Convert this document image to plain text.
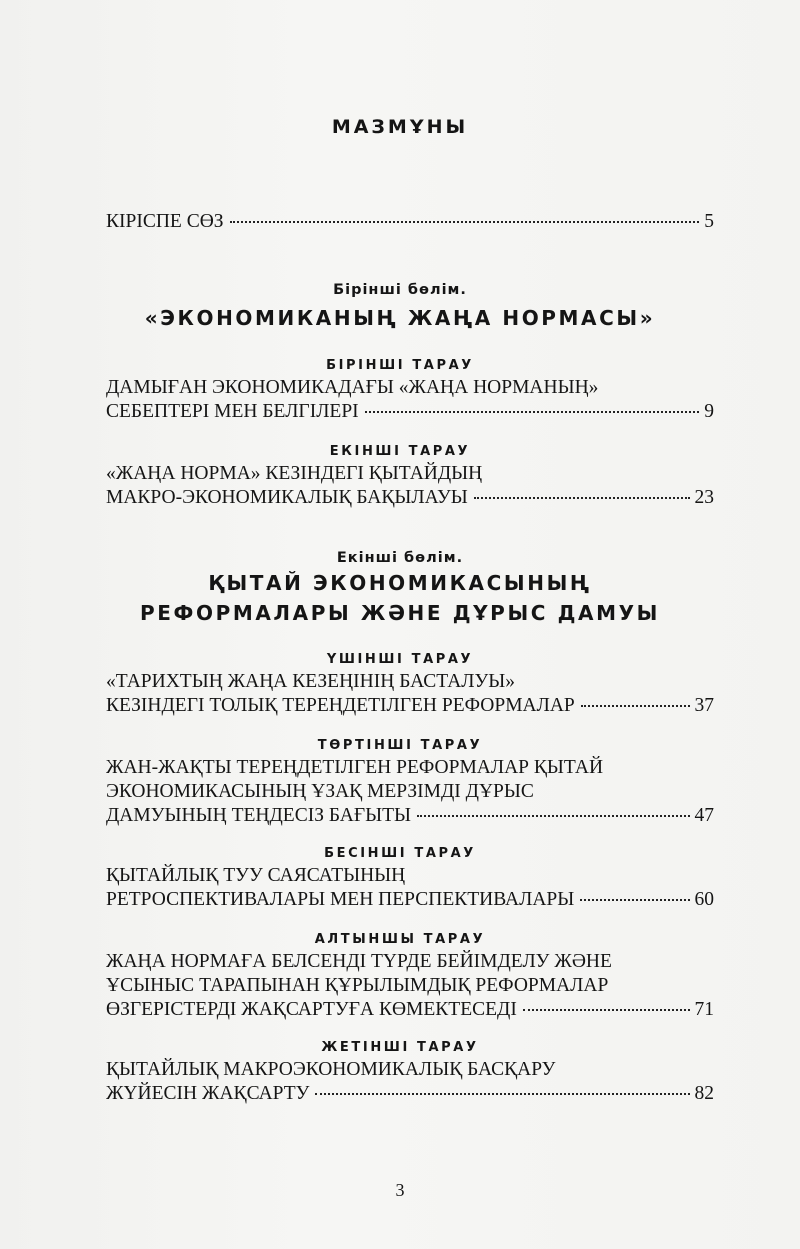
МАЗМҰНЫ
КІРІСПЕ СӨЗ	5
Бірінші бөлім.
«ЭКОНОМИКАНЫҢ ЖАҢА НОРМАСЫ»
БІРІНШІ ТАРАУ
ДАМЫҒАН ЭКОНОМИКАДАҒЫ «ЖАҢА НОРМАНЫҢ»
СЕБЕПТЕРІ МЕН БЕЛГІЛЕРІ	9
ЕКІНШІ ТАРАУ
«ЖАҢА НОРМА» КЕЗІНДЕГІ ҚЫТАЙДЫҢ
МАКРО-ЭКОНОМИКАЛЫҚ БАҚЫЛАУЫ	23
Екінші бөлім.
ҚЫТАЙ ЭКОНОМИКАСЫНЫҢ
РЕФОРМАЛАРЫ ЖӘНЕ ДҰРЫС ДАМУЫ
ҮШІНШІ ТАРАУ
«ТАРИХТЫҢ ЖАҢА КЕЗЕҢІНІҢ БАСТАЛУЫ»
КЕЗІНДЕГІ ТОЛЫҚ ТЕРЕҢДЕТІЛГЕН РЕФОРМАЛАР	37
ТӨРТІНШІ ТАРАУ
ЖАН-ЖАҚТЫ ТЕРЕҢДЕТІЛГЕН РЕФОРМАЛАР ҚЫТАЙ
ЭКОНОМИКАСЫНЫҢ ҰЗАҚ МЕРЗІМДІ ДҰРЫС
ДАМУЫНЫҢ ТЕҢДЕСІЗ БАҒЫТЫ	47
БЕСІНШІ ТАРАУ
ҚЫТАЙЛЫҚ ТУУ САЯСАТЫНЫҢ
РЕТРОСПЕКТИВАЛАРЫ МЕН ПЕРСПЕКТИВАЛАРЫ	60
АЛТЫНШЫ ТАРАУ
ЖАҢА НОРМАҒА БЕЛСЕНДІ ТҮРДЕ БЕЙІМДЕЛУ ЖӘНЕ
ҰСЫНЫС ТАРАПЫНАН ҚҰРЫЛЫМДЫҚ РЕФОРМАЛАР
ӨЗГЕРІСТЕРДІ ЖАҚСАРТУҒА КӨМЕКТЕСЕДІ	71
ЖЕТІНШІ ТАРАУ
ҚЫТАЙЛЫҚ МАКРОЭКОНОМИКАЛЫҚ БАСҚАРУ
ЖҮЙЕСІН ЖАҚСАРТУ	82
3
